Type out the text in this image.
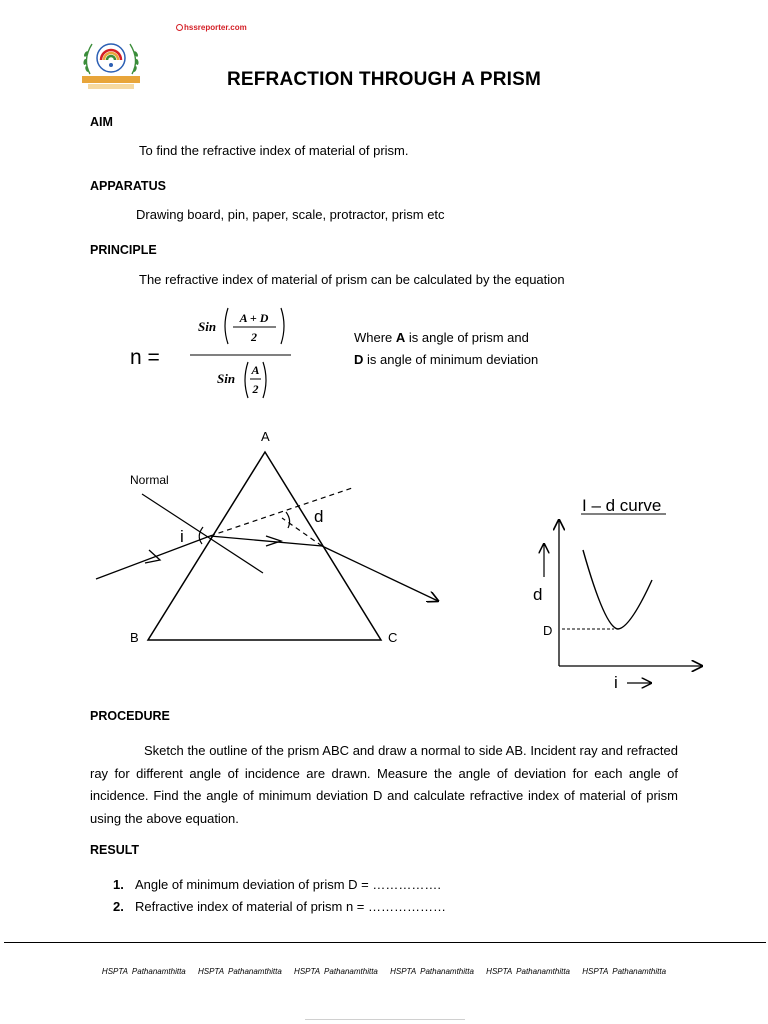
hssreporter.com
REFRACTION THROUGH A PRISM
AIM
To find the refractive index of material of prism.
APPARATUS
Drawing board, pin, paper, scale, protractor, prism etc
PRINCIPLE
The refractive index of material of prism can be calculated by the equation
n =
Sin
A + D
2
Sin
A
2
Where A is angle of prism and
D is angle of minimum deviation
A
B	C
Normal
i
d
I – d curve
d
D
i
PROCEDURE
Sketch the outline of the prism ABC and draw a normal to side AB. Incident ray and refracted ray for different angle of incidence are drawn. Measure the angle of deviation for each angle of incidence. Find the angle of minimum deviation D and calculate refractive index of material of prism using the above equation.
RESULT
1. Angle of minimum deviation of prism D = …………….
2. Refractive index of material of prism n = ………………
HSPTA Pathanamthitta HSPTA Pathanamthitta HSPTA Pathanamthitta HSPTA Pathanamthitta HSPTA Pathanamthitta HSPTA Pathanamthitta
